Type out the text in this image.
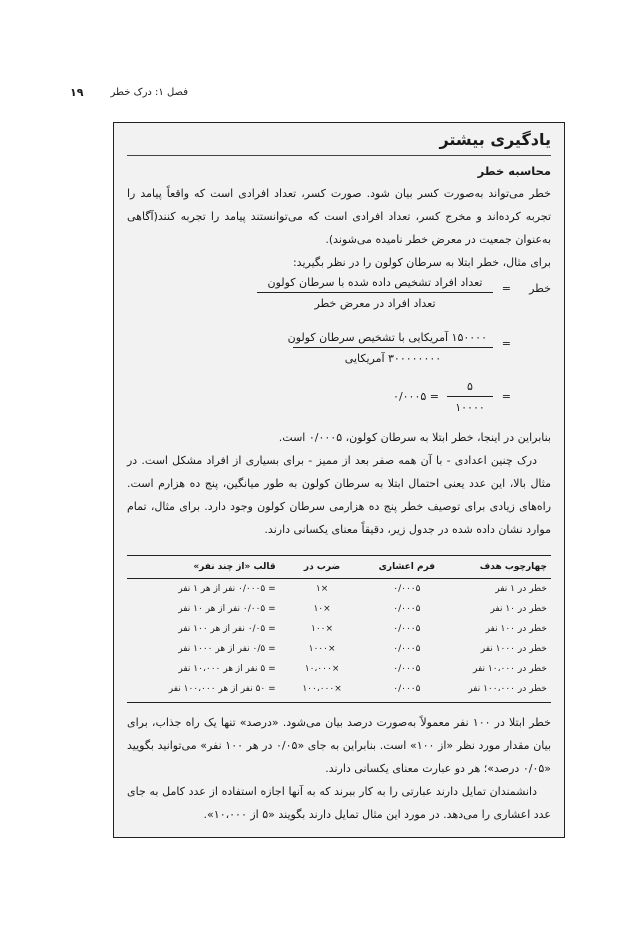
فصل ۱: درک خطر
۱۹
یادگیری بیشتر
محاسبه خطر

خطر می‌تواند به‌صورت کسر بیان شود. صورت کسر، تعداد افرادی است که واقعاً پیامد را تجربه کرده‌اند و مخرج کسر، تعداد افرادی است که می‌توانستند پیامد را تجربه کنند(آگاهی به‌عنوان جمعیت در معرض خطر نامیده می‌شوند).

برای مثال، خطر ابتلا به سرطان کولون را در نظر بگیرید:

خطر
=
تعداد افراد تشخیص داده شده با سرطان کولون
تعداد افراد در معرض خطر
=
۱۵۰۰۰۰ آمریکایی با تشخیص سرطان کولون
۳۰۰۰۰۰۰۰۰ آمریکایی
=
۵
۱۰۰۰۰
= ۰/۰۰۰۵

بنابراین در اینجا، خطر ابتلا به سرطان کولون، ۰/۰۰۰۵ است.

درک چنین اعدادی - با آن همه صفر بعد از ممیز - برای بسیاری از افراد مشکل است. در مثال بالا، این عدد یعنی احتمال ابتلا به سرطان کولون به طور میانگین، پنج ده هزارم است. راه‌های زیادی برای توصیف خطر پنج ده هزارمی سرطان کولون وجود دارد. برای مثال، تمام موارد نشان داده شده در جدول زیر، دقیقاً معنای یکسانی دارند.

چهارچوب هدف	فرم اعشاری	ضرب در	قالب «از چند نفر»
خطر در ۱ نفر	۰/۰۰۰۵	×۱	= ۰/۰۰۰۵ نفر از هر ۱ نفر
خطر در ۱۰ نفر	۰/۰۰۰۵	×۱۰	= ۰/۰۰۵ نفر از هر ۱۰ نفر
خطر در ۱۰۰ نفر	۰/۰۰۰۵	×۱۰۰	= ۰/۰۵ نفر از هر ۱۰۰ نفر
خطر در ۱۰۰۰ نفر	۰/۰۰۰۵	×۱۰۰۰	= ۰/۵ نفر از هر ۱۰۰۰ نفر
خطر در ۱۰،۰۰۰ نفر	۰/۰۰۰۵	×۱۰،۰۰۰	= ۵ نفر از هر ۱۰،۰۰۰ نفر
خطر در ۱۰۰،۰۰۰ نفر	۰/۰۰۰۵	×۱۰۰،۰۰۰	= ۵۰ نفر از هر ۱۰۰،۰۰۰ نفر

خطر ابتلا در ۱۰۰ نفر معمولاً به‌صورت درصد بیان می‌شود. «درصد» تنها یک راه جذاب، برای بیان مقدار مورد نظر «از ۱۰۰» است. بنابراین به جای «۰/۰۵ در هر ۱۰۰ نفر» می‌توانید بگویید «۰/۰۵ درصد»؛ هر دو عبارت معنای یکسانی دارند.

دانشمندان تمایل دارند عبارتی را به کار ببرند که به آنها اجازه استفاده از عدد کامل به جای عدد اعشاری را می‌دهد. در مورد این مثال تمایل دارند بگویند «۵ از ۱۰،۰۰۰».
